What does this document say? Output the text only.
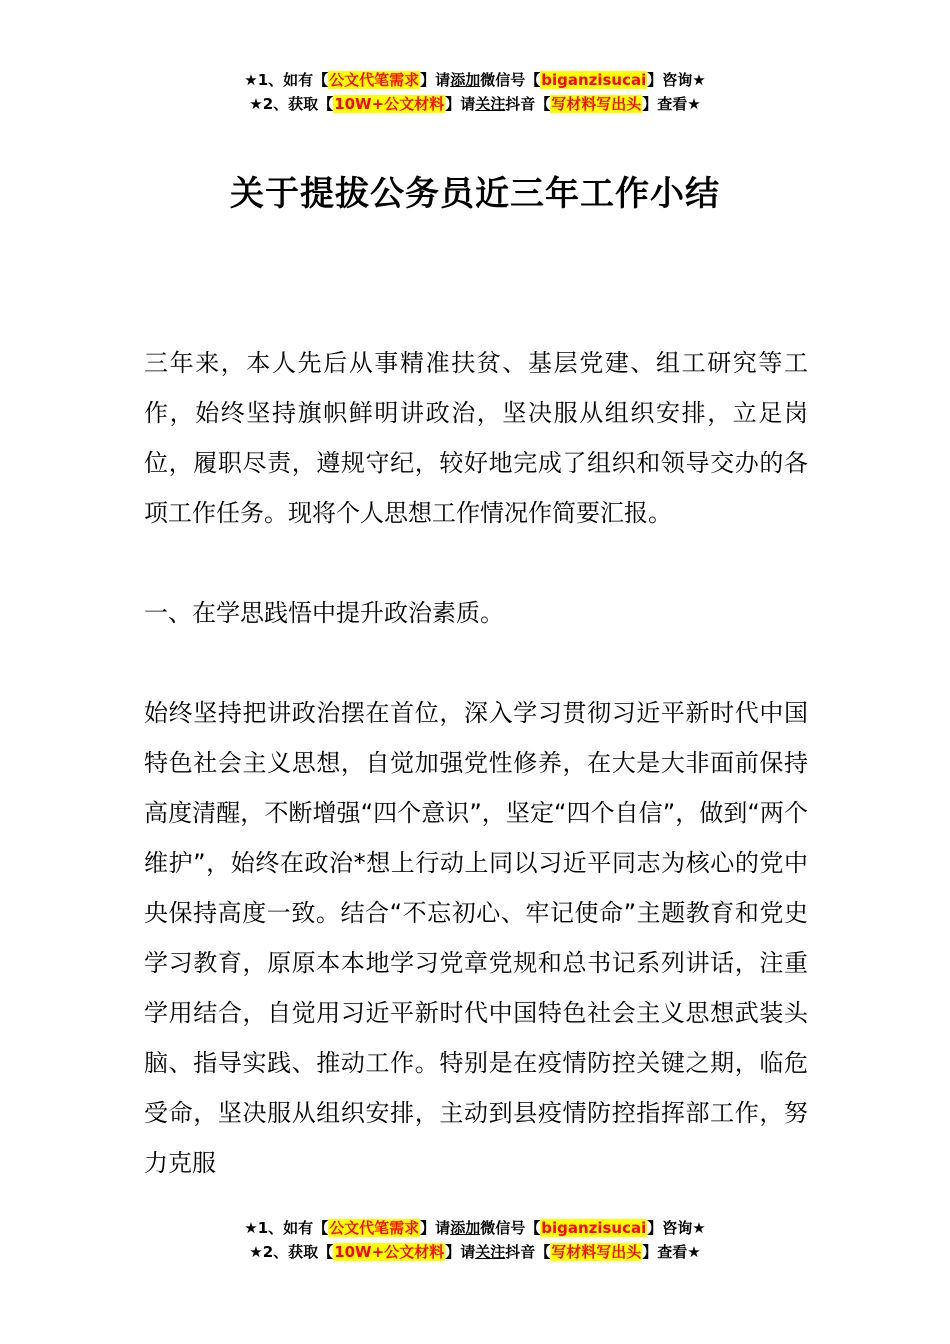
★1、如有【公文代笔需求】请添加微信号【biganzisucai】咨询★
★2、获取【10W+公文材料】请关注抖音【写材料写出头】查看★
关于提拔公务员近三年工作小结

三年来，本人先后从事精准扶贫、基层党建、组工研究等工作，始终坚持旗帜鲜明讲政治，坚决服从组织安排，立足岗位，履职尽责，遵规守纪，较好地完成了组织和领导交办的各项工作任务。现将个人思想工作情况作简要汇报。

一、在学思践悟中提升政治素质。

始终坚持把讲政治摆在首位，深入学习贯彻习近平新时代中国特色社会主义思想，自觉加强党性修养，在大是大非面前保持高度清醒，不断增强“四个意识”，坚定“四个自信”，做到“两个维护”，始终在政治*想上行动上同以习近平同志为核心的党中央保持高度一致。结合“不忘初心、牢记使命”主题教育和党史学习教育，原原本本地学习党章党规和总书记系列讲话，注重学用结合，自觉用习近平新时代中国特色社会主义思想武装头脑、指导实践、推动工作。特别是在疫情防控关键之期，临危受命，坚决服从组织安排，主动到县疫情防控指挥部工作，努力克服

★1、如有【公文代笔需求】请添加微信号【biganzisucai】咨询★
★2、获取【10W+公文材料】请关注抖音【写材料写出头】查看★
